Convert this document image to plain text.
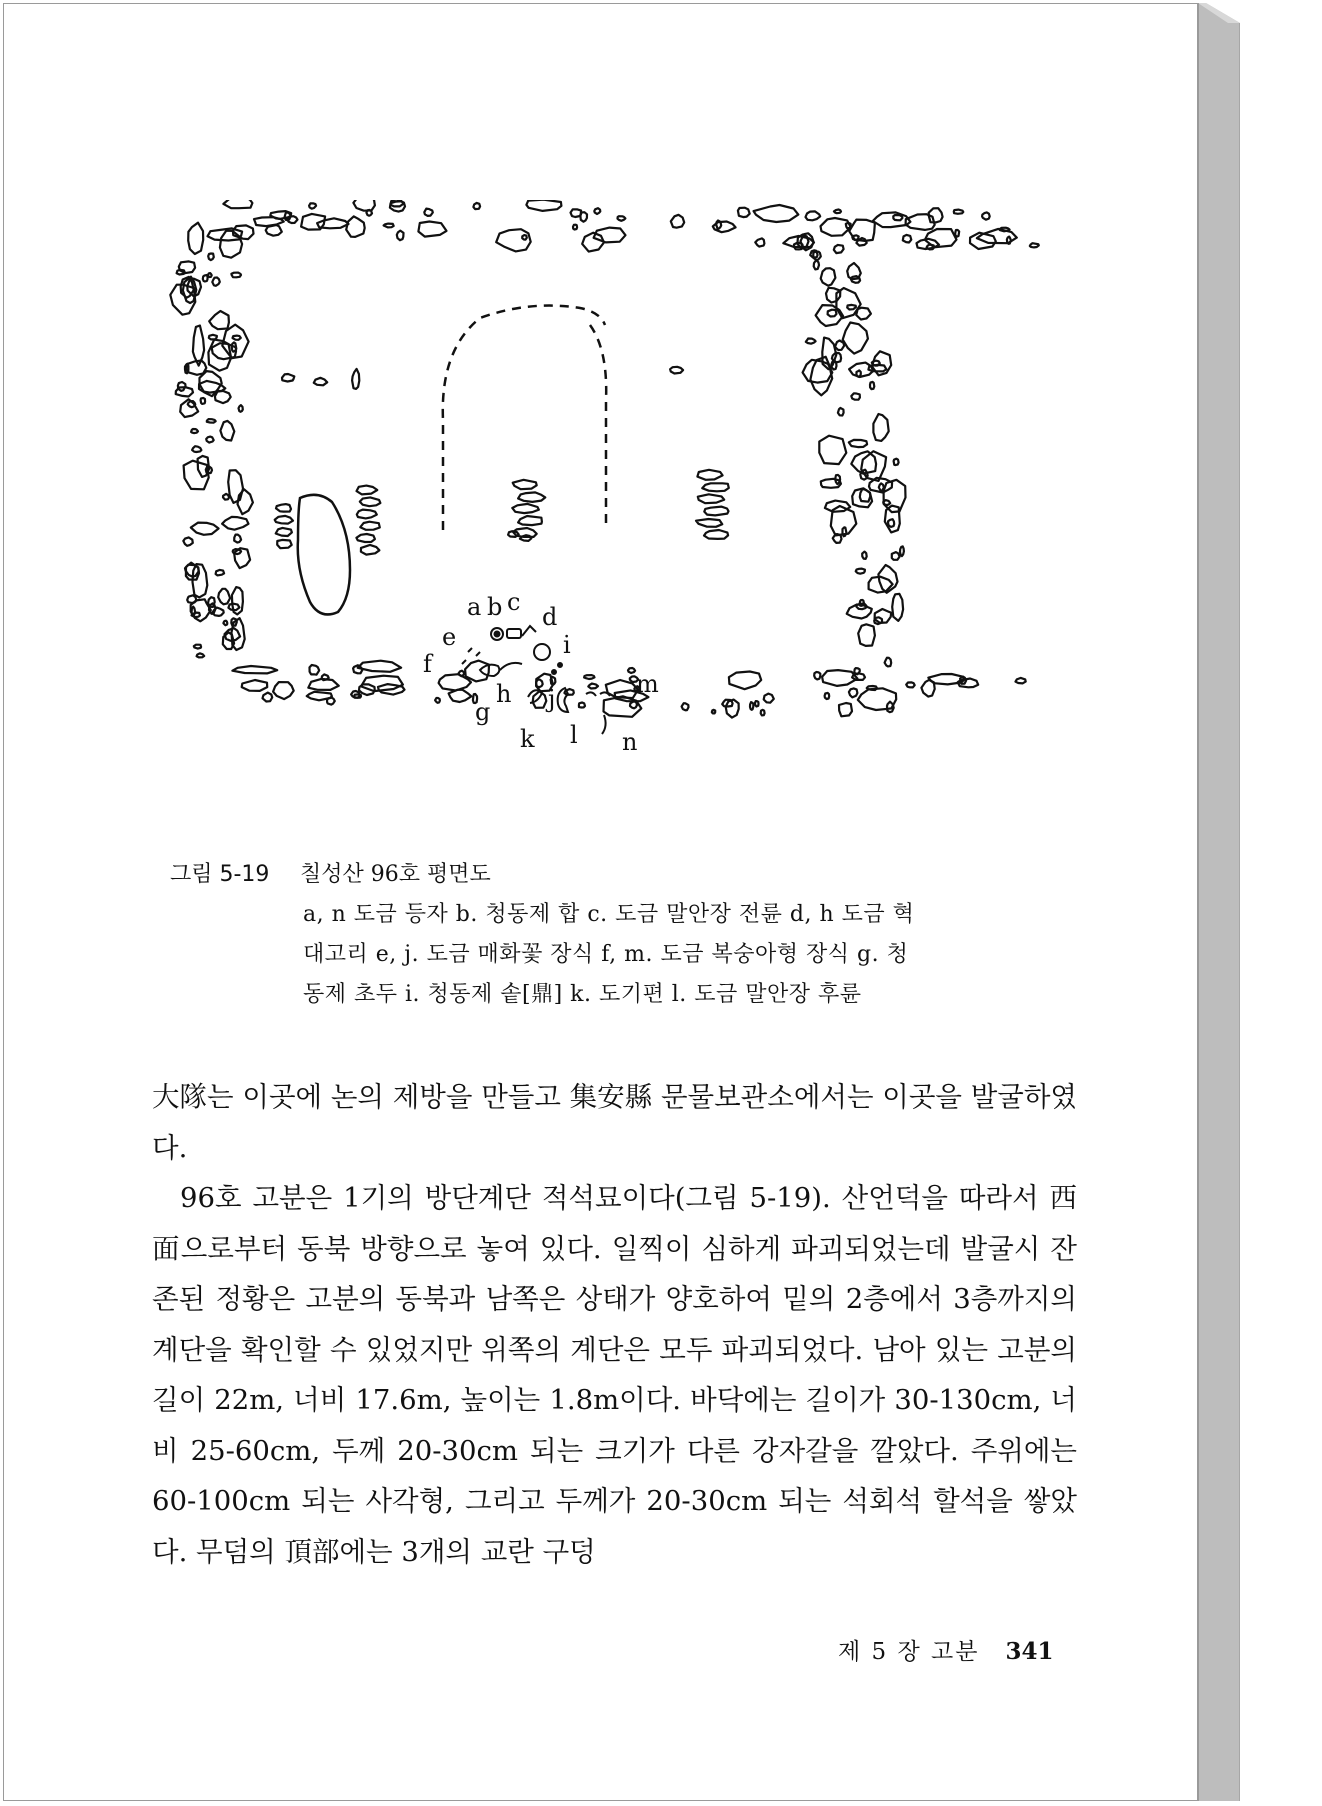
a b c
d
e
f
g
h
i
j
k l
m
n
그림 5-19 칠성산 96호 평면도
a, n 도금 등자 b. 청동제 합 c. 도금 말안장 전륜 d, h 도금 혁
대고리 e, j. 도금 매화꽃 장식 f, m. 도금 복숭아형 장식 g. 청
동제 초두 i. 청동제 솥[鼎] k. 도기편 l. 도금 말안장 후륜

大隊는 이곳에 논의 제방을 만들고 集安縣 문물보관소에서는 이곳을 발굴하였다.

96호 고분은 1기의 방단계단 적석묘이다(그림 5-19). 산언덕을 따라서 西面으로부터 동북 방향으로 놓여 있다. 일찍이 심하게 파괴되었는데 발굴시 잔존된 정황은 고분의 동북과 남쪽은 상태가 양호하여 밑의 2층에서 3층까지의 계단을 확인할 수 있었지만 위쪽의 계단은 모두 파괴되었다. 남아 있는 고분의 길이 22m, 너비 17.6m, 높이는 1.8m이다. 바닥에는 길이가 30-130cm, 너비 25-60cm, 두께 20-30cm 되는 크기가 다른 강자갈을 깔았다. 주위에는 60-100cm 되는 사각형, 그리고 두께가 20-30cm 되는 석회석 할석을 쌓았다. 무덤의 頂部에는 3개의 교란 구덩

제 5 장 고분 341
